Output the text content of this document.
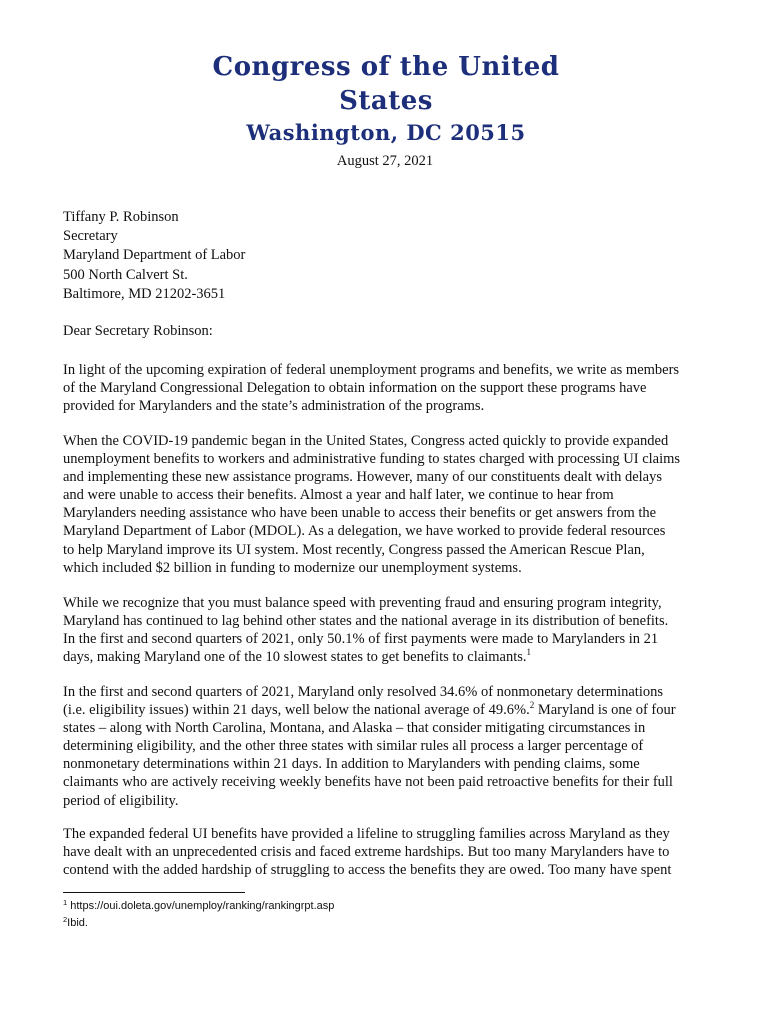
Congress of the United States
Washington, DC 20515
August 27, 2021
Tiffany P. Robinson
Secretary
Maryland Department of Labor
500 North Calvert St.
Baltimore, MD 21202-3651
Dear Secretary Robinson:
In light of the upcoming expiration of federal unemployment programs and benefits, we write as members
of the Maryland Congressional Delegation to obtain information on the support these programs have
provided for Marylanders and the state’s administration of the programs.
When the COVID-19 pandemic began in the United States, Congress acted quickly to provide expanded
unemployment benefits to workers and administrative funding to states charged with processing UI claims
and implementing these new assistance programs. However, many of our constituents dealt with delays
and were unable to access their benefits. Almost a year and half later, we continue to hear from
Marylanders needing assistance who have been unable to access their benefits or get answers from the
Maryland Department of Labor (MDOL). As a delegation, we have worked to provide federal resources
to help Maryland improve its UI system. Most recently, Congress passed the American Rescue Plan,
which included $2 billion in funding to modernize our unemployment systems.
While we recognize that you must balance speed with preventing fraud and ensuring program integrity,
Maryland has continued to lag behind other states and the national average in its distribution of benefits.
In the first and second quarters of 2021, only 50.1% of first payments were made to Marylanders in 21
days, making Maryland one of the 10 slowest states to get benefits to claimants.$^1$
In the first and second quarters of 2021, Maryland only resolved 34.6% of nonmonetary determinations
(i.e. eligibility issues) within 21 days, well below the national average of 49.6%.$^2$ Maryland is one of four
states – along with North Carolina, Montana, and Alaska – that consider mitigating circumstances in
determining eligibility, and the other three states with similar rules all process a larger percentage of
nonmonetary determinations within 21 days. In addition to Marylanders with pending claims, some
claimants who are actively receiving weekly benefits have not been paid retroactive benefits for their full
period of eligibility.
The expanded federal UI benefits have provided a lifeline to struggling families across Maryland as they
have dealt with an unprecedented crisis and faced extreme hardships. But too many Marylanders have to
contend with the added hardship of struggling to access the benefits they are owed. Too many have spent
$^1$ https://oui.doleta.gov/unemploy/ranking/rankingrpt.asp
$^2$Ibid.
